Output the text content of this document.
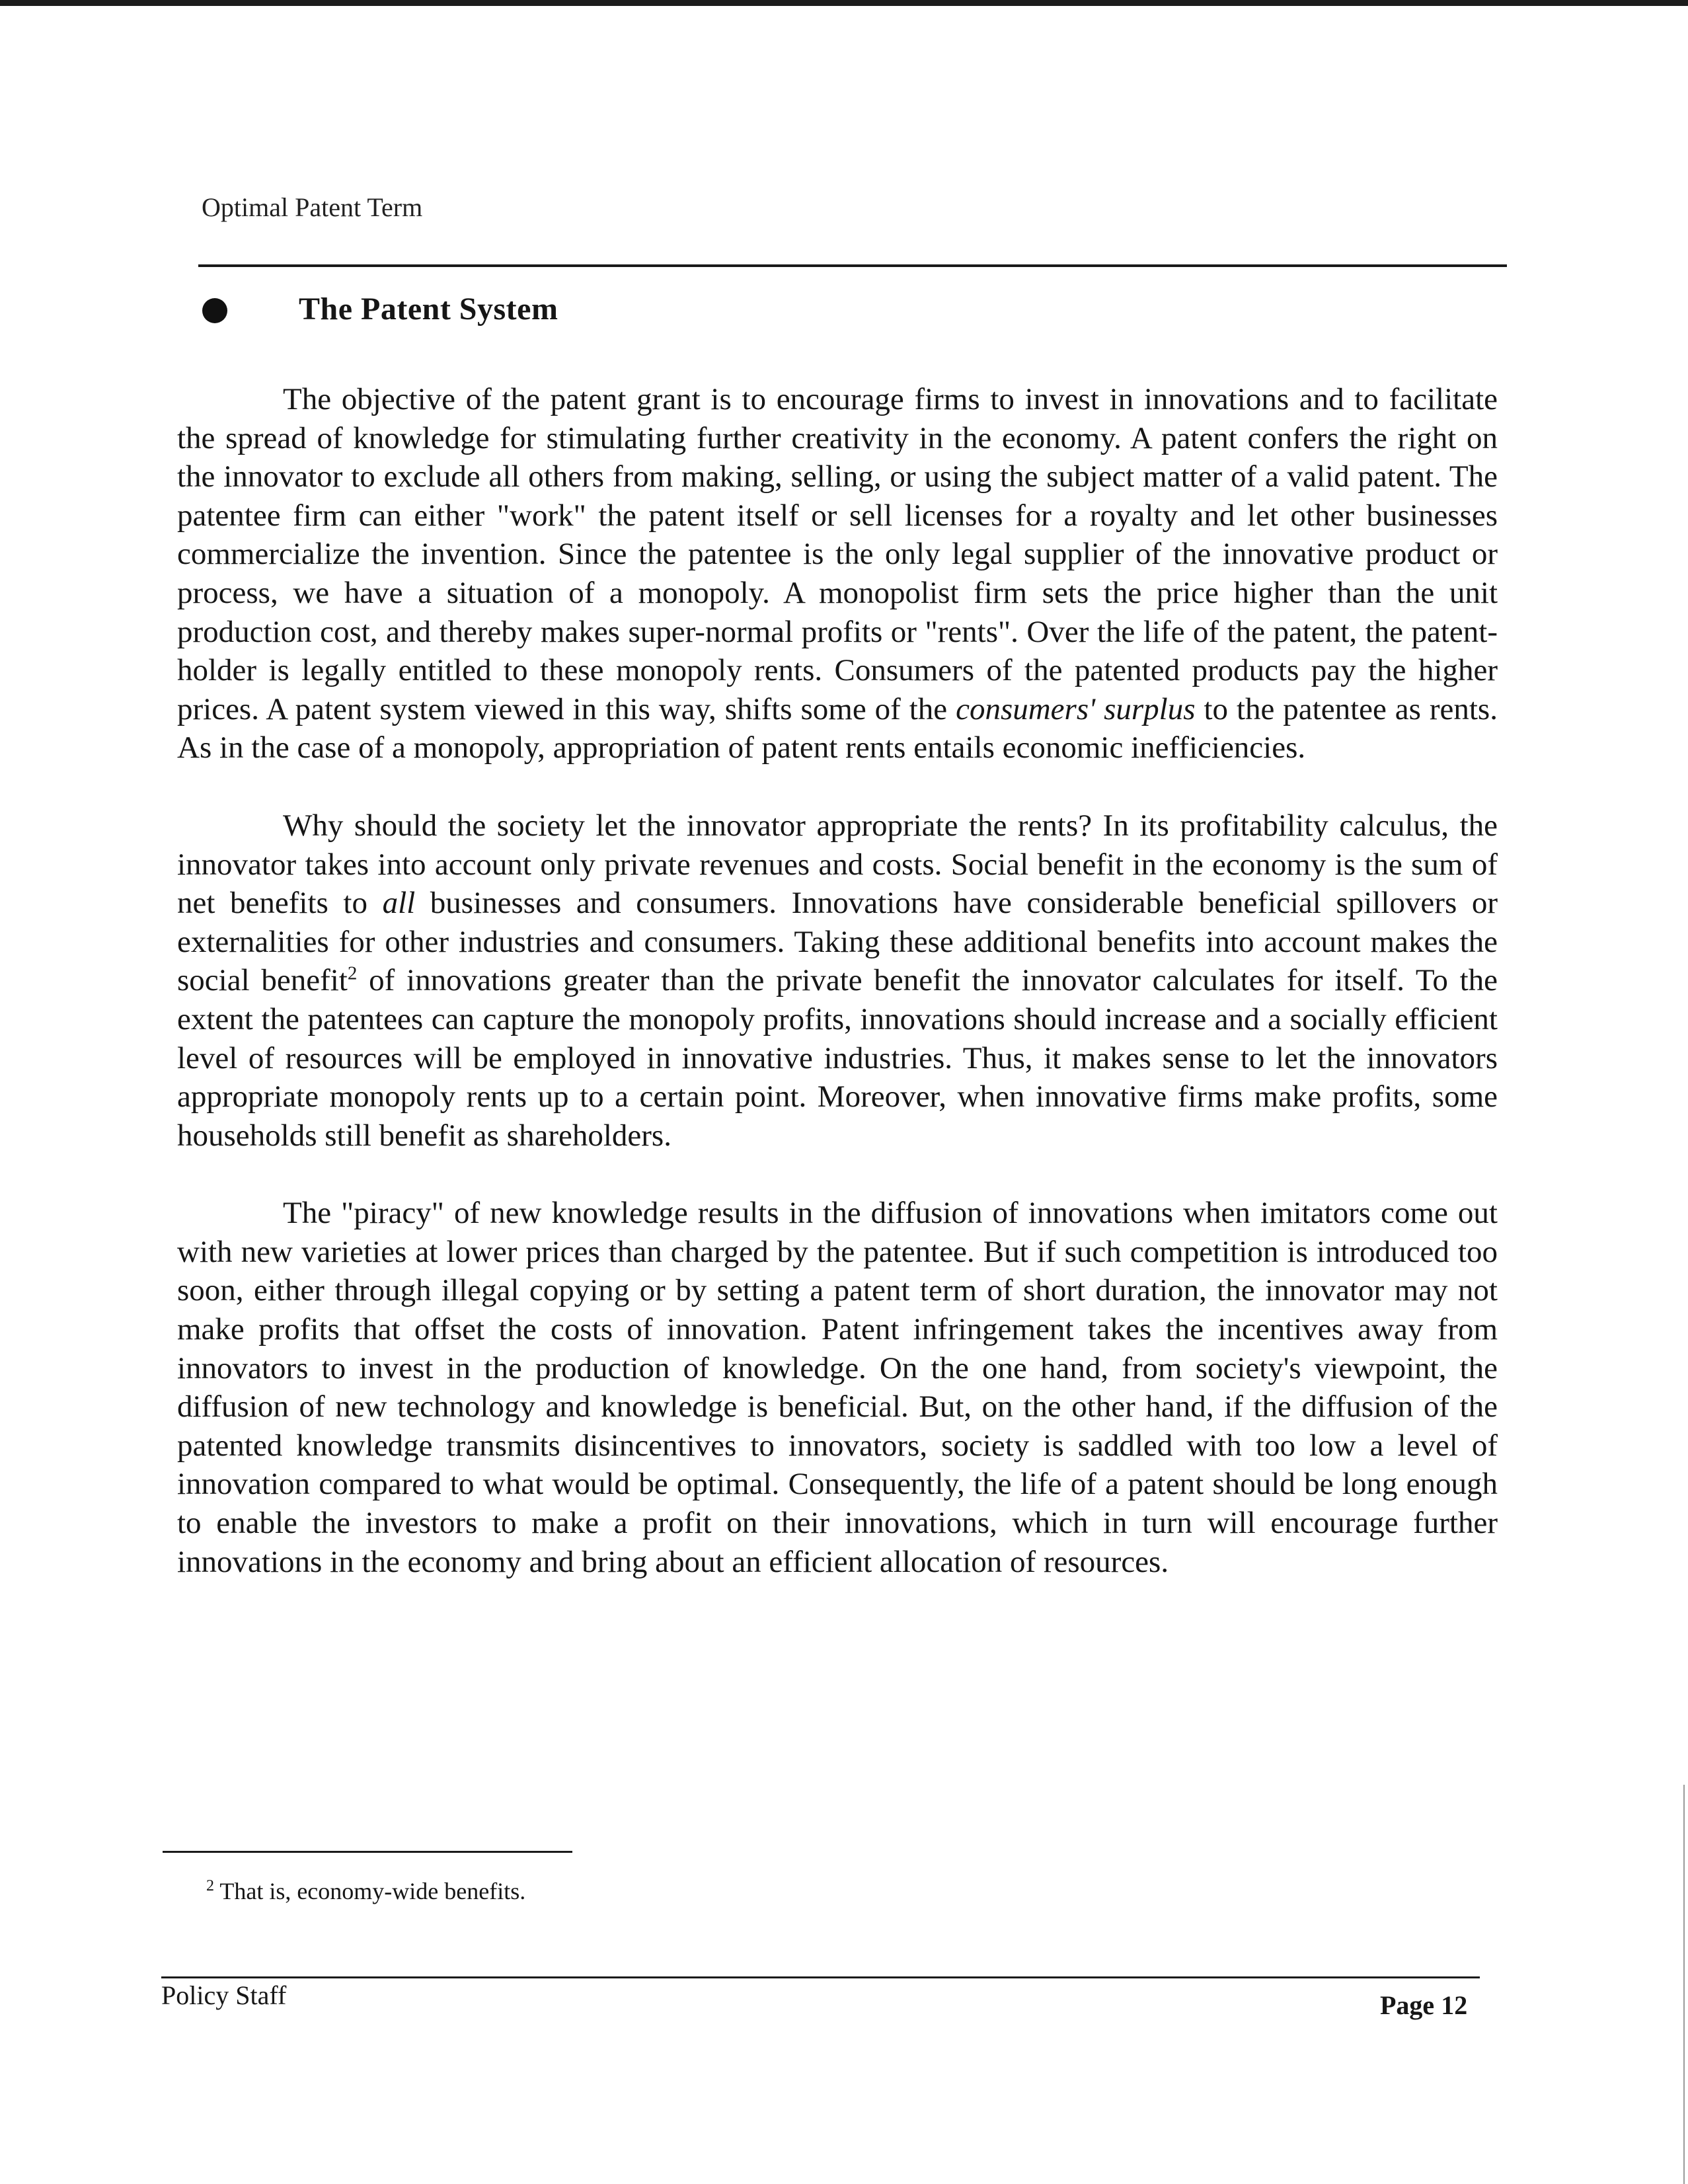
Optimal Patent Term
The Patent System

The objective of the patent grant is to encourage firms to invest in innovations and to facilitate the spread of knowledge for stimulating further creativity in the economy. A patent confers the right on the innovator to exclude all others from making, selling, or using the subject matter of a valid patent. The patentee firm can either "work" the patent itself or sell licenses for a royalty and let other businesses commercialize the invention. Since the patentee is the only legal supplier of the innovative product or process, we have a situation of a monopoly. A monopolist firm sets the price higher than the unit production cost, and thereby makes super-normal profits or "rents". Over the life of the patent, the patent-holder is legally entitled to these monopoly rents. Consumers of the patented products pay the higher prices. A patent system viewed in this way, shifts some of the consumers' surplus to the patentee as rents. As in the case of a monopoly, appropriation of patent rents entails economic inefficiencies.

Why should the society let the innovator appropriate the rents? In its profitability calculus, the innovator takes into account only private revenues and costs. Social benefit in the economy is the sum of net benefits to all businesses and consumers. Innovations have considerable beneficial spillovers or externalities for other industries and consumers. Taking these additional benefits into account makes the social benefit$^2$ of innovations greater than the private benefit the innovator calculates for itself. To the extent the patentees can capture the monopoly profits, innovations should increase and a socially efficient level of resources will be employed in innovative industries. Thus, it makes sense to let the innovators appropriate monopoly rents up to a certain point. Moreover, when innovative firms make profits, some households still benefit as shareholders.

The "piracy" of new knowledge results in the diffusion of innovations when imitators come out with new varieties at lower prices than charged by the patentee. But if such competition is introduced too soon, either through illegal copying or by setting a patent term of short duration, the innovator may not make profits that offset the costs of innovation. Patent infringement takes the incentives away from innovators to invest in the production of knowledge. On the one hand, from society's viewpoint, the diffusion of new technology and knowledge is beneficial. But, on the other hand, if the diffusion of the patented knowledge transmits disincentives to innovators, society is saddled with too low a level of innovation compared to what would be optimal. Consequently, the life of a patent should be long enough to enable the investors to make a profit on their innovations, which in turn will encourage further innovations in the economy and bring about an efficient allocation of resources.

$^2$ That is, economy-wide benefits.
Policy Staff	Page 12
